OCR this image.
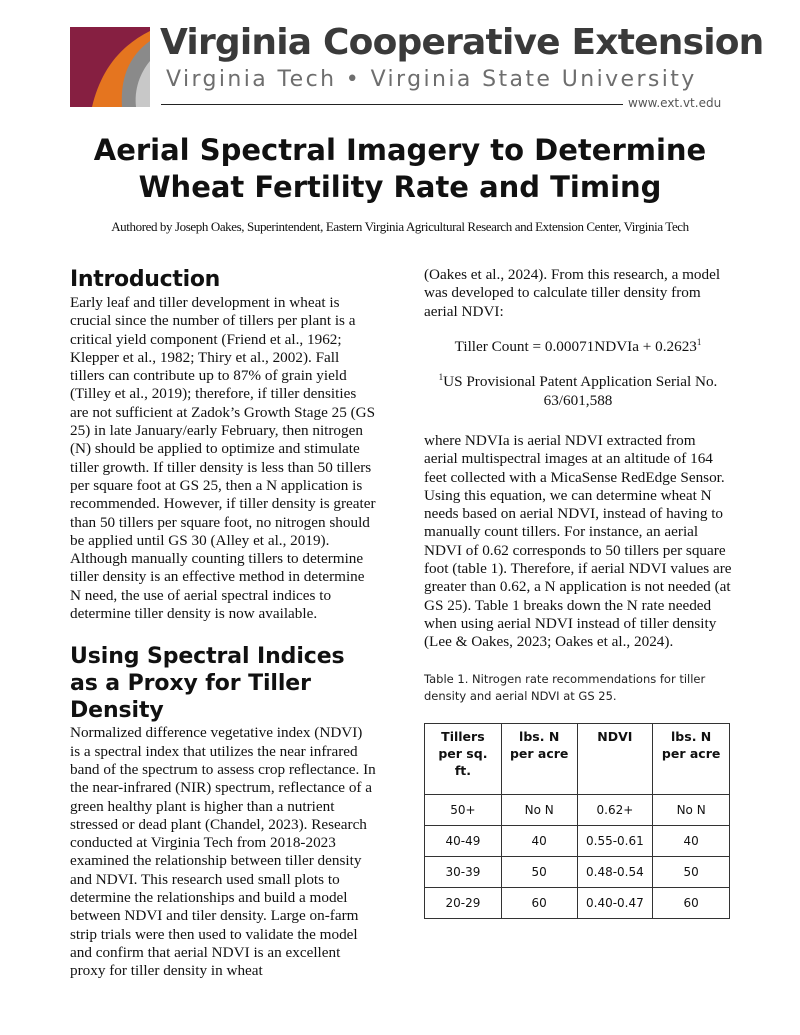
Virginia Cooperative Extension
Virginia Tech • Virginia State University
www.ext.vt.edu
Aerial Spectral Imagery to Determine Wheat Fertility Rate and Timing
Authored by Joseph Oakes, Superintendent, Eastern Virginia Agricultural Research and Extension Center, Virginia Tech
Introduction

Early leaf and tiller development in wheat is crucial since the number of tillers per plant is a critical yield component (Friend et al., 1962; Klepper et al., 1982; Thiry et al., 2002). Fall tillers can contribute up to 87% of grain yield (Tilley et al., 2019); therefore, if tiller densities are not sufficient at Zadok’s Growth Stage 25 (GS 25) in late January/early February, then nitrogen (N) should be applied to optimize and stimulate tiller growth. If tiller density is less than 50 tillers per square foot at GS 25, then a N application is recommended. However, if tiller density is greater than 50 tillers per square foot, no nitrogen should be applied until GS 30 (Alley et al., 2019). Although manually counting tillers to determine tiller density is an effective method in determine N need, the use of aerial spectral indices to determine tiller density is now available.

Using Spectral Indices as a Proxy for Tiller Density

Normalized difference vegetative index (NDVI) is a spectral index that utilizes the near infrared band of the spectrum to assess crop reflectance. In the near-infrared (NIR) spectrum, reflectance of a green healthy plant is higher than a nutrient stressed or dead plant (Chandel, 2023). Research conducted at Virginia Tech from 2018-2023 examined the relationship between tiller density and NDVI. This research used small plots to determine the relationships and build a model between NDVI and tiler density. Large on-farm strip trials were then used to validate the model and confirm that aerial NDVI is an excellent proxy for tiller density in wheat

(Oakes et al., 2024). From this research, a model was developed to calculate tiller density from aerial NDVI:

Tiller Count = 0.00071NDVIa + $0.2623^1$

$^1$US Provisional Patent Application Serial No. 63/601,588

where NDVIa is aerial NDVI extracted from aerial multispectral images at an altitude of 164 feet collected with a MicaSense RedEdge Sensor. Using this equation, we can determine wheat N needs based on aerial NDVI, instead of having to manually count tillers. For instance, an aerial NDVI of 0.62 corresponds to 50 tillers per square foot (table 1). Therefore, if aerial NDVI values are greater than 0.62, a N application is not needed (at GS 25). Table 1 breaks down the N rate needed when using aerial NDVI instead of tiller density (Lee & Oakes, 2023; Oakes et al., 2024).

Table 1. Nitrogen rate recommendations for tiller density and aerial NDVI at GS 25.
Tillers per sq. ft.	lbs. N per acre	NDVI	lbs. N per acre
50+	No N	0.62+	No N
40-49	40	0.55-0.61	40
30-39	50	0.48-0.54	50
20-29	60	0.40-0.47	60
